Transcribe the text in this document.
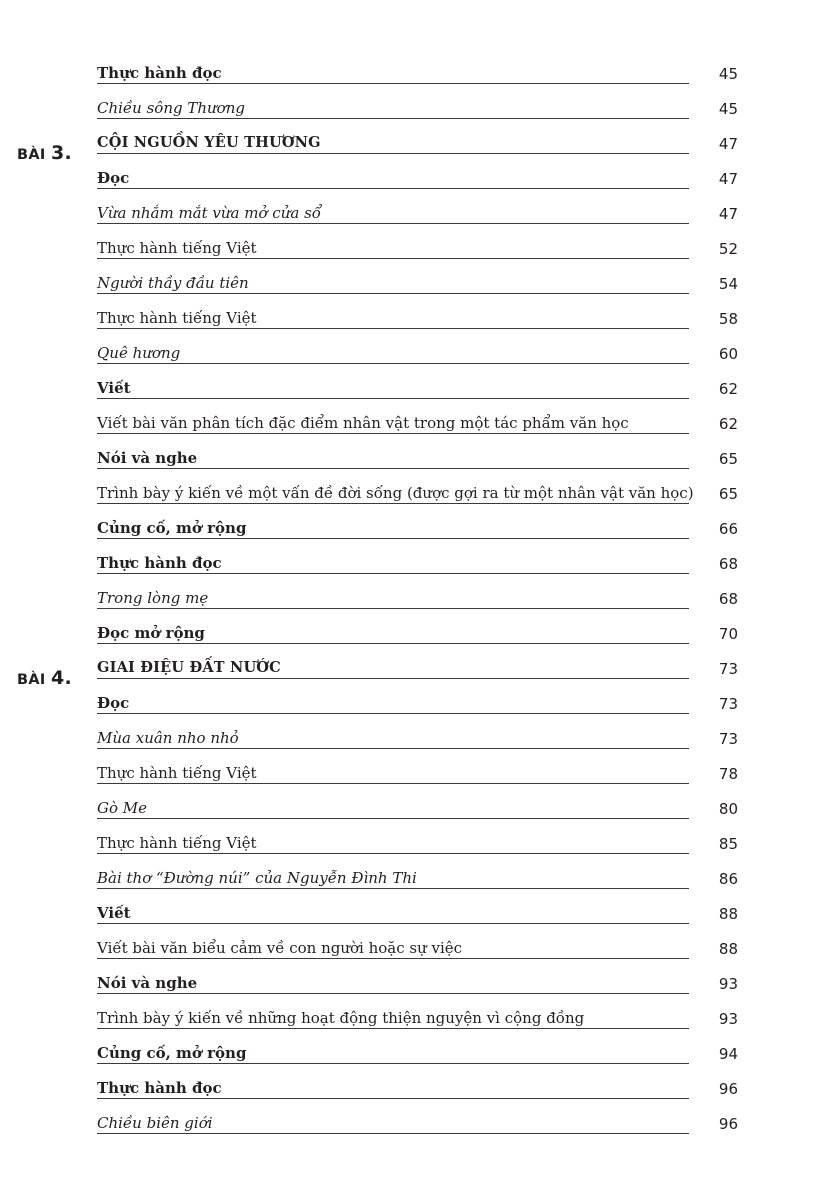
Thực hành đọc	45
Chiều sông Thương	45
BÀI 3. CỘI NGUỒN YÊU THƯƠNG	47
Đọc	47
Vừa nhắm mắt vừa mở cửa sổ	47
Thực hành tiếng Việt	52
Người thầy đầu tiên	54
Thực hành tiếng Việt	58
Quê hương	60
Viết	62
Viết bài văn phân tích đặc điểm nhân vật trong một tác phẩm văn học	62
Nói và nghe	65
Trình bày ý kiến về một vấn đề đời sống (được gợi ra từ một nhân vật văn học) 65
Củng cố, mở rộng	66
Thực hành đọc	68
Trong lòng mẹ	68
Đọc mở rộng	70
BÀI 4. GIAI ĐIỆU ĐẤT NƯỚC	73
Đọc	73
Mùa xuân nho nhỏ	73
Thực hành tiếng Việt	78
Gò Me	80
Thực hành tiếng Việt	85
Bài thơ “Đường núi” của Nguyễn Đình Thi	86
Viết	88
Viết bài văn biểu cảm về con người hoặc sự việc	88
Nói và nghe	93
Trình bày ý kiến về những hoạt động thiện nguyện vì cộng đồng	93
Củng cố, mở rộng	94
Thực hành đọc	96
Chiều biên giới	96
